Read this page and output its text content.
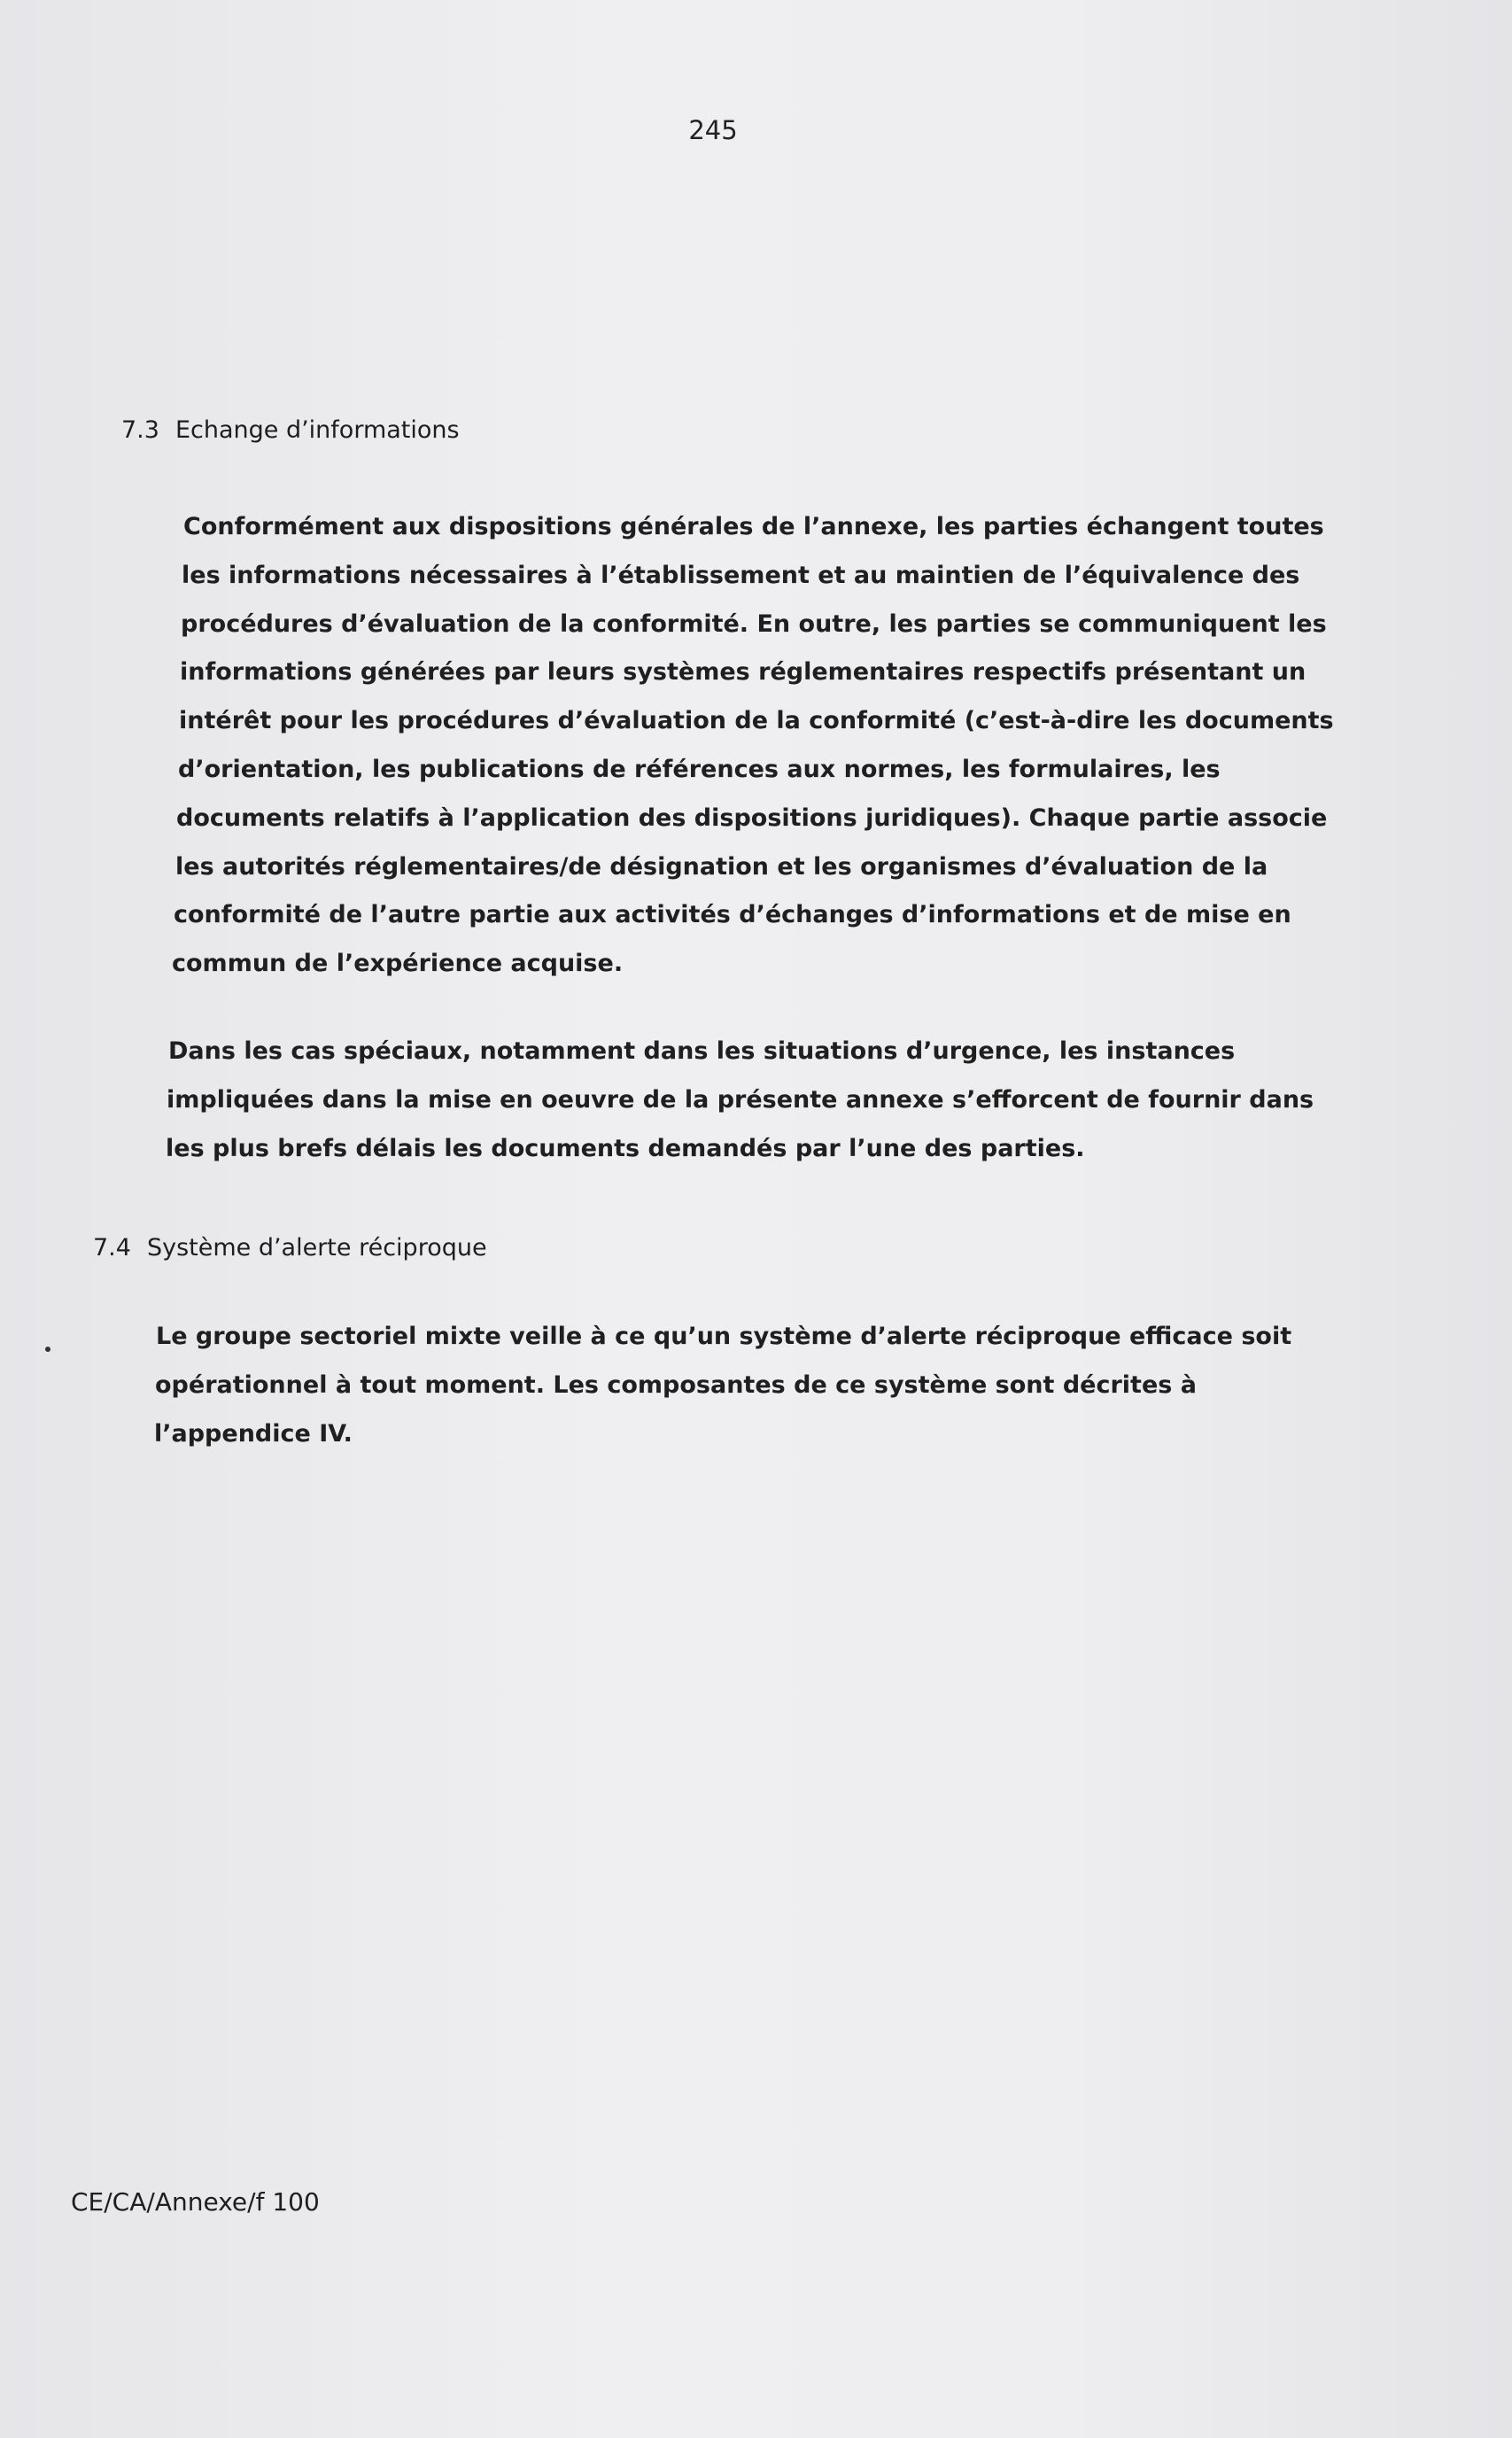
245
7.3 Echange d’informations
Conformément aux dispositions générales de l’annexe, les parties échangent toutes
les informations nécessaires à l’établissement et au maintien de l’équivalence des
procédures d’évaluation de la conformité. En outre, les parties se communiquent les
informations générées par leurs systèmes réglementaires respectifs présentant un
intérêt pour les procédures d’évaluation de la conformité (c’est-à-dire les documents
d’orientation, les publications de références aux normes, les formulaires, les
documents relatifs à l’application des dispositions juridiques). Chaque partie associe
les autorités réglementaires/de désignation et les organismes d’évaluation de la
conformité de l’autre partie aux activités d’échanges d’informations et de mise en
commun de l’expérience acquise.
Dans les cas spéciaux, notamment dans les situations d’urgence, les instances
impliquées dans la mise en oeuvre de la présente annexe s’efforcent de fournir dans
les plus brefs délais les documents demandés par l’une des parties.
7.4 Système d’alerte réciproque
Le groupe sectoriel mixte veille à ce qu’un système d’alerte réciproque efficace soit
opérationnel à tout moment. Les composantes de ce système sont décrites à
l’appendice IV.
CE/CA/Annexe/f 100
